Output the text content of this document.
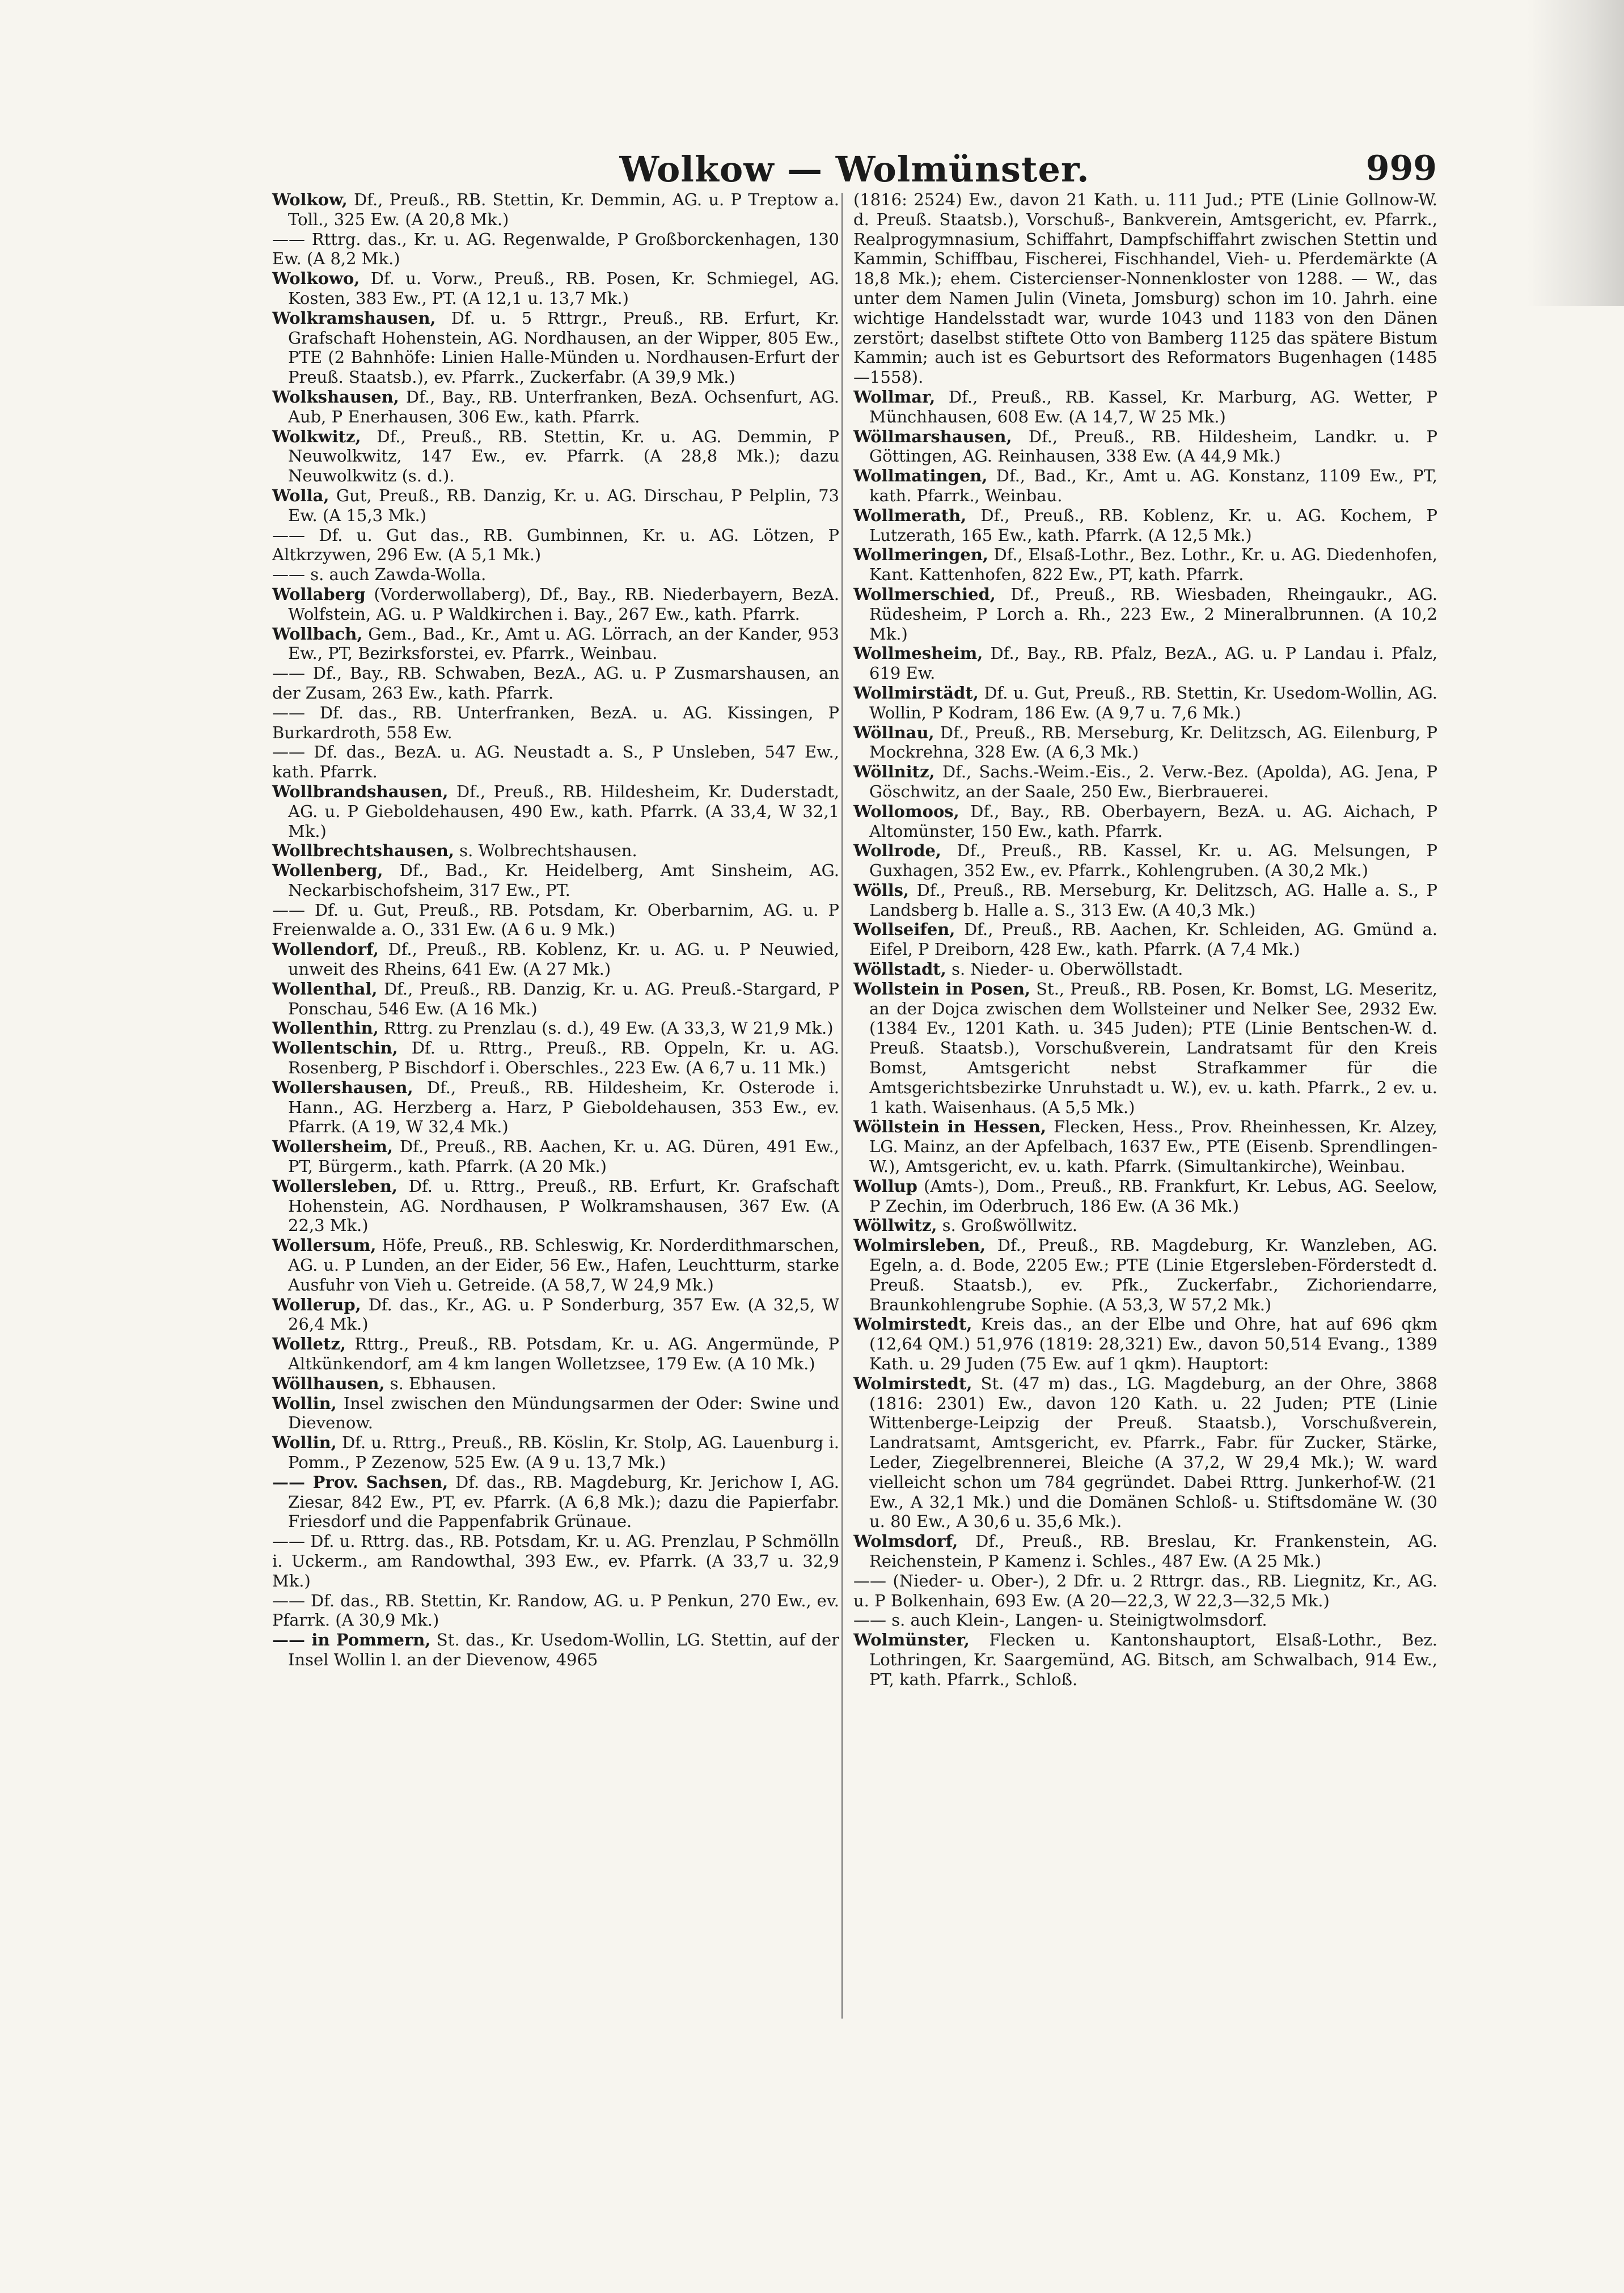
Wolkow — Wolmünster.	999

Wolkow, Df., Preuß., RB. Stettin, Kr. Demmin, AG. u. P Treptow a. Toll., 325 Ew. (A 20,8 Mk.)

—— Rttrg. das., Kr. u. AG. Regenwalde, P Großborckenhagen, 130 Ew. (A 8,2 Mk.)

Wolkowo, Df. u. Vorw., Preuß., RB. Posen, Kr. Schmiegel, AG. Kosten, 383 Ew., PT. (A 12,1 u. 13,7 Mk.)

Wolkramshausen, Df. u. 5 Rttrgr., Preuß., RB. Erfurt, Kr. Grafschaft Hohenstein, AG. Nordhausen, an der Wipper, 805 Ew., PTE (2 Bahnhöfe: Linien Halle-Münden u. Nordhausen-Erfurt der Preuß. Staatsb.), ev. Pfarrk., Zuckerfabr. (A 39,9 Mk.)

Wolkshausen, Df., Bay., RB. Unterfranken, BezA. Ochsenfurt, AG. Aub, P Enerhausen, 306 Ew., kath. Pfarrk.

Wolkwitz, Df., Preuß., RB. Stettin, Kr. u. AG. Demmin, P Neuwolkwitz, 147 Ew., ev. Pfarrk. (A 28,8 Mk.); dazu Neuwolkwitz (s. d.).

Wolla, Gut, Preuß., RB. Danzig, Kr. u. AG. Dirschau, P Pelplin, 73 Ew. (A 15,3 Mk.)

—— Df. u. Gut das., RB. Gumbinnen, Kr. u. AG. Lötzen, P Altkrzywen, 296 Ew. (A 5,1 Mk.)

—— s. auch Zawda-Wolla.

Wollaberg (Vorderwollaberg), Df., Bay., RB. Niederbayern, BezA. Wolfstein, AG. u. P Waldkirchen i. Bay., 267 Ew., kath. Pfarrk.

Wollbach, Gem., Bad., Kr., Amt u. AG. Lörrach, an der Kander, 953 Ew., PT, Bezirksforstei, ev. Pfarrk., Weinbau.

—— Df., Bay., RB. Schwaben, BezA., AG. u. P Zusmarshausen, an der Zusam, 263 Ew., kath. Pfarrk.

—— Df. das., RB. Unterfranken, BezA. u. AG. Kissingen, P Burkardroth, 558 Ew.

—— Df. das., BezA. u. AG. Neustadt a. S., P Unsleben, 547 Ew., kath. Pfarrk.

Wollbrandshausen, Df., Preuß., RB. Hildesheim, Kr. Duderstadt, AG. u. P Gieboldehausen, 490 Ew., kath. Pfarrk. (A 33,4, W 32,1 Mk.)

Wollbrechtshausen, s. Wolbrechtshausen.

Wollenberg, Df., Bad., Kr. Heidelberg, Amt Sinsheim, AG. Neckarbischofsheim, 317 Ew., PT.

—— Df. u. Gut, Preuß., RB. Potsdam, Kr. Oberbarnim, AG. u. P Freienwalde a. O., 331 Ew. (A 6 u. 9 Mk.)

Wollendorf, Df., Preuß., RB. Koblenz, Kr. u. AG. u. P Neuwied, unweit des Rheins, 641 Ew. (A 27 Mk.)

Wollenthal, Df., Preuß., RB. Danzig, Kr. u. AG. Preuß.-Stargard, P Ponschau, 546 Ew. (A 16 Mk.)

Wollenthin, Rttrg. zu Prenzlau (s. d.), 49 Ew. (A 33,3, W 21,9 Mk.)

Wollentschin, Df. u. Rttrg., Preuß., RB. Oppeln, Kr. u. AG. Rosenberg, P Bischdorf i. Oberschles., 223 Ew. (A 6,7 u. 11 Mk.)

Wollershausen, Df., Preuß., RB. Hildesheim, Kr. Osterode i. Hann., AG. Herzberg a. Harz, P Gieboldehausen, 353 Ew., ev. Pfarrk. (A 19, W 32,4 Mk.)

Wollersheim, Df., Preuß., RB. Aachen, Kr. u. AG. Düren, 491 Ew., PT, Bürgerm., kath. Pfarrk. (A 20 Mk.)

Wollersleben, Df. u. Rttrg., Preuß., RB. Erfurt, Kr. Grafschaft Hohenstein, AG. Nordhausen, P Wolkramshausen, 367 Ew. (A 22,3 Mk.)

Wollersum, Höfe, Preuß., RB. Schleswig, Kr. Norderdithmarschen, AG. u. P Lunden, an der Eider, 56 Ew., Hafen, Leuchtturm, starke Ausfuhr von Vieh u. Getreide. (A 58,7, W 24,9 Mk.)

Wollerup, Df. das., Kr., AG. u. P Sonderburg, 357 Ew. (A 32,5, W 26,4 Mk.)

Wolletz, Rttrg., Preuß., RB. Potsdam, Kr. u. AG. Angermünde, P Altkünkendorf, am 4 km langen Wolletzsee, 179 Ew. (A 10 Mk.)

Wöllhausen, s. Ebhausen.

Wollin, Insel zwischen den Mündungsarmen der Oder: Swine und Dievenow.

Wollin, Df. u. Rttrg., Preuß., RB. Köslin, Kr. Stolp, AG. Lauenburg i. Pomm., P Zezenow, 525 Ew. (A 9 u. 13,7 Mk.)

—— Prov. Sachsen, Df. das., RB. Magdeburg, Kr. Jerichow I, AG. Ziesar, 842 Ew., PT, ev. Pfarrk. (A 6,8 Mk.); dazu die Papierfabr. Friesdorf und die Pappenfabrik Grünaue.

—— Df. u. Rttrg. das., RB. Potsdam, Kr. u. AG. Prenzlau, P Schmölln i. Uckerm., am Randowthal, 393 Ew., ev. Pfarrk. (A 33,7 u. 32,9 Mk.)

—— Df. das., RB. Stettin, Kr. Randow, AG. u. P Penkun, 270 Ew., ev. Pfarrk. (A 30,9 Mk.)

—— in Pommern, St. das., Kr. Usedom-Wollin, LG. Stettin, auf der Insel Wollin l. an der Dievenow, 4965

(1816: 2524) Ew., davon 21 Kath. u. 111 Jud.; PTE (Linie Gollnow-W. d. Preuß. Staatsb.), Vorschuß-, Bankverein, Amtsgericht, ev. Pfarrk., Realprogymnasium, Schiffahrt, Dampfschiffahrt zwischen Stettin und Kammin, Schiffbau, Fischerei, Fischhandel, Vieh- u. Pferdemärkte (A 18,8 Mk.); ehem. Cistercienser-Nonnenkloster von 1288. — W., das unter dem Namen Julin (Vineta, Jomsburg) schon im 10. Jahrh. eine wichtige Handelsstadt war, wurde 1043 und 1183 von den Dänen zerstört; daselbst stiftete Otto von Bamberg 1125 das spätere Bistum Kammin; auch ist es Geburtsort des Reformators Bugenhagen (1485—1558).

Wollmar, Df., Preuß., RB. Kassel, Kr. Marburg, AG. Wetter, P Münchhausen, 608 Ew. (A 14,7, W 25 Mk.)

Wöllmarshausen, Df., Preuß., RB. Hildesheim, Landkr. u. P Göttingen, AG. Reinhausen, 338 Ew. (A 44,9 Mk.)

Wollmatingen, Df., Bad., Kr., Amt u. AG. Konstanz, 1109 Ew., PT, kath. Pfarrk., Weinbau.

Wollmerath, Df., Preuß., RB. Koblenz, Kr. u. AG. Kochem, P Lutzerath, 165 Ew., kath. Pfarrk. (A 12,5 Mk.)

Wollmeringen, Df., Elsaß-Lothr., Bez. Lothr., Kr. u. AG. Diedenhofen, Kant. Kattenhofen, 822 Ew., PT, kath. Pfarrk.

Wollmerschied, Df., Preuß., RB. Wiesbaden, Rheingaukr., AG. Rüdesheim, P Lorch a. Rh., 223 Ew., 2 Mineralbrunnen. (A 10,2 Mk.)

Wollmesheim, Df., Bay., RB. Pfalz, BezA., AG. u. P Landau i. Pfalz, 619 Ew.

Wollmirstädt, Df. u. Gut, Preuß., RB. Stettin, Kr. Usedom-Wollin, AG. Wollin, P Kodram, 186 Ew. (A 9,7 u. 7,6 Mk.)

Wöllnau, Df., Preuß., RB. Merseburg, Kr. Delitzsch, AG. Eilenburg, P Mockrehna, 328 Ew. (A 6,3 Mk.)

Wöllnitz, Df., Sachs.-Weim.-Eis., 2. Verw.-Bez. (Apolda), AG. Jena, P Göschwitz, an der Saale, 250 Ew., Bierbrauerei.

Wollomoos, Df., Bay., RB. Oberbayern, BezA. u. AG. Aichach, P Altomünster, 150 Ew., kath. Pfarrk.

Wollrode, Df., Preuß., RB. Kassel, Kr. u. AG. Melsungen, P Guxhagen, 352 Ew., ev. Pfarrk., Kohlengruben. (A 30,2 Mk.)

Wölls, Df., Preuß., RB. Merseburg, Kr. Delitzsch, AG. Halle a. S., P Landsberg b. Halle a. S., 313 Ew. (A 40,3 Mk.)

Wollseifen, Df., Preuß., RB. Aachen, Kr. Schleiden, AG. Gmünd a. Eifel, P Dreiborn, 428 Ew., kath. Pfarrk. (A 7,4 Mk.)

Wöllstadt, s. Nieder- u. Oberwöllstadt.

Wollstein in Posen, St., Preuß., RB. Posen, Kr. Bomst, LG. Meseritz, an der Dojca zwischen dem Wollsteiner und Nelker See, 2932 Ew. (1384 Ev., 1201 Kath. u. 345 Juden); PTE (Linie Bentschen-W. d. Preuß. Staatsb.), Vorschußverein, Landratsamt für den Kreis Bomst, Amtsgericht nebst Strafkammer für die Amtsgerichtsbezirke Unruhstadt u. W.), ev. u. kath. Pfarrk., 2 ev. u. 1 kath. Waisenhaus. (A 5,5 Mk.)

Wöllstein in Hessen, Flecken, Hess., Prov. Rheinhessen, Kr. Alzey, LG. Mainz, an der Apfelbach, 1637 Ew., PTE (Eisenb. Sprendlingen-W.), Amtsgericht, ev. u. kath. Pfarrk. (Simultankirche), Weinbau.

Wollup (Amts-), Dom., Preuß., RB. Frankfurt, Kr. Lebus, AG. Seelow, P Zechin, im Oderbruch, 186 Ew. (A 36 Mk.)

Wöllwitz, s. Großwöllwitz.

Wolmirsleben, Df., Preuß., RB. Magdeburg, Kr. Wanzleben, AG. Egeln, a. d. Bode, 2205 Ew.; PTE (Linie Etgersleben-Förderstedt d. Preuß. Staatsb.), ev. Pfk., Zuckerfabr., Zichoriendarre, Braunkohlengrube Sophie. (A 53,3, W 57,2 Mk.)

Wolmirstedt, Kreis das., an der Elbe und Ohre, hat auf 696 qkm (12,64 QM.) 51,976 (1819: 28,321) Ew., davon 50,514 Evang., 1389 Kath. u. 29 Juden (75 Ew. auf 1 qkm). Hauptort:

Wolmirstedt, St. (47 m) das., LG. Magdeburg, an der Ohre, 3868 (1816: 2301) Ew., davon 120 Kath. u. 22 Juden; PTE (Linie Wittenberge-Leipzig der Preuß. Staatsb.), Vorschußverein, Landratsamt, Amtsgericht, ev. Pfarrk., Fabr. für Zucker, Stärke, Leder, Ziegelbrennerei, Bleiche (A 37,2, W 29,4 Mk.); W. ward vielleicht schon um 784 gegründet. Dabei Rttrg. Junkerhof-W. (21 Ew., A 32,1 Mk.) und die Domänen Schloß- u. Stiftsdomäne W. (30 u. 80 Ew., A 30,6 u. 35,6 Mk.).

Wolmsdorf, Df., Preuß., RB. Breslau, Kr. Frankenstein, AG. Reichenstein, P Kamenz i. Schles., 487 Ew. (A 25 Mk.)

—— (Nieder- u. Ober-), 2 Dfr. u. 2 Rttrgr. das., RB. Liegnitz, Kr., AG. u. P Bolkenhain, 693 Ew. (A 20—22,3, W 22,3—32,5 Mk.)

—— s. auch Klein-, Langen- u. Steinigtwolmsdorf.

Wolmünster, Flecken u. Kantonshauptort, Elsaß-Lothr., Bez. Lothringen, Kr. Saargemünd, AG. Bitsch, am Schwalbach, 914 Ew., PT, kath. Pfarrk., Schloß.
